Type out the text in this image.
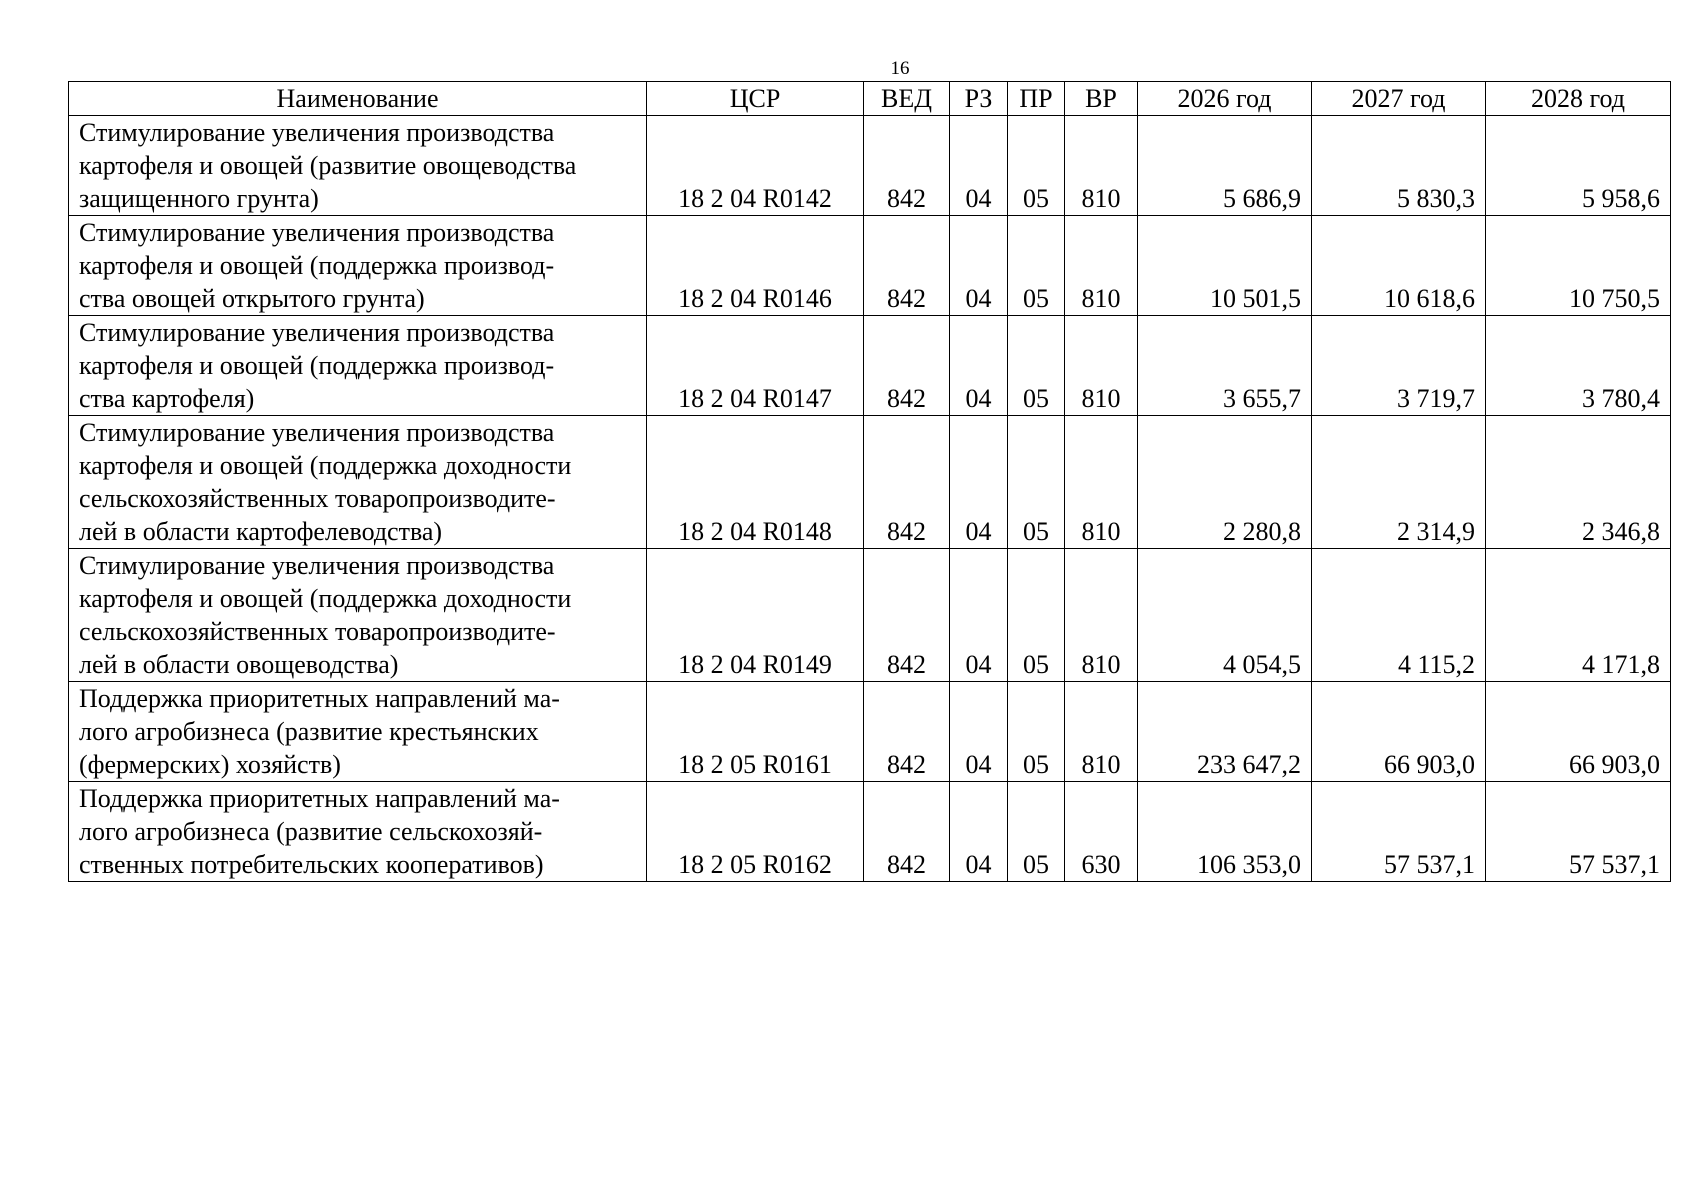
16
Наименование	ЦСР	ВЕД	РЗ	ПР	ВР	2026 год	2027 год	2028 год

Стимулирование увеличения производства
картофеля и овощей (развитие овощеводства
защищенного грунта)	18 2 04 R0142	842	04	05	810	5 686,9	5 830,3	5 958,6

Стимулирование увеличения производства
картофеля и овощей (поддержка производ-
ства овощей открытого грунта)	18 2 04 R0146	842	04	05	810	10 501,5	10 618,6	10 750,5

Стимулирование увеличения производства
картофеля и овощей (поддержка производ-
ства картофеля)	18 2 04 R0147	842	04	05	810	3 655,7	3 719,7	3 780,4

Стимулирование увеличения производства
картофеля и овощей (поддержка доходности
сельскохозяйственных товаропроизводите-
лей в области картофелеводства)	18 2 04 R0148	842	04	05	810	2 280,8	2 314,9	2 346,8

Стимулирование увеличения производства
картофеля и овощей (поддержка доходности
сельскохозяйственных товаропроизводите-
лей в области овощеводства)	18 2 04 R0149	842	04	05	810	4 054,5	4 115,2	4 171,8

Поддержка приоритетных направлений ма-
лого агробизнеса (развитие крестьянских
(фермерских) хозяйств)	18 2 05 R0161	842	04	05	810	233 647,2	66 903,0	66 903,0

Поддержка приоритетных направлений ма-
лого агробизнеса (развитие сельскохозяй-
ственных потребительских кооперативов)	18 2 05 R0162	842	04	05	630	106 353,0	57 537,1	57 537,1
